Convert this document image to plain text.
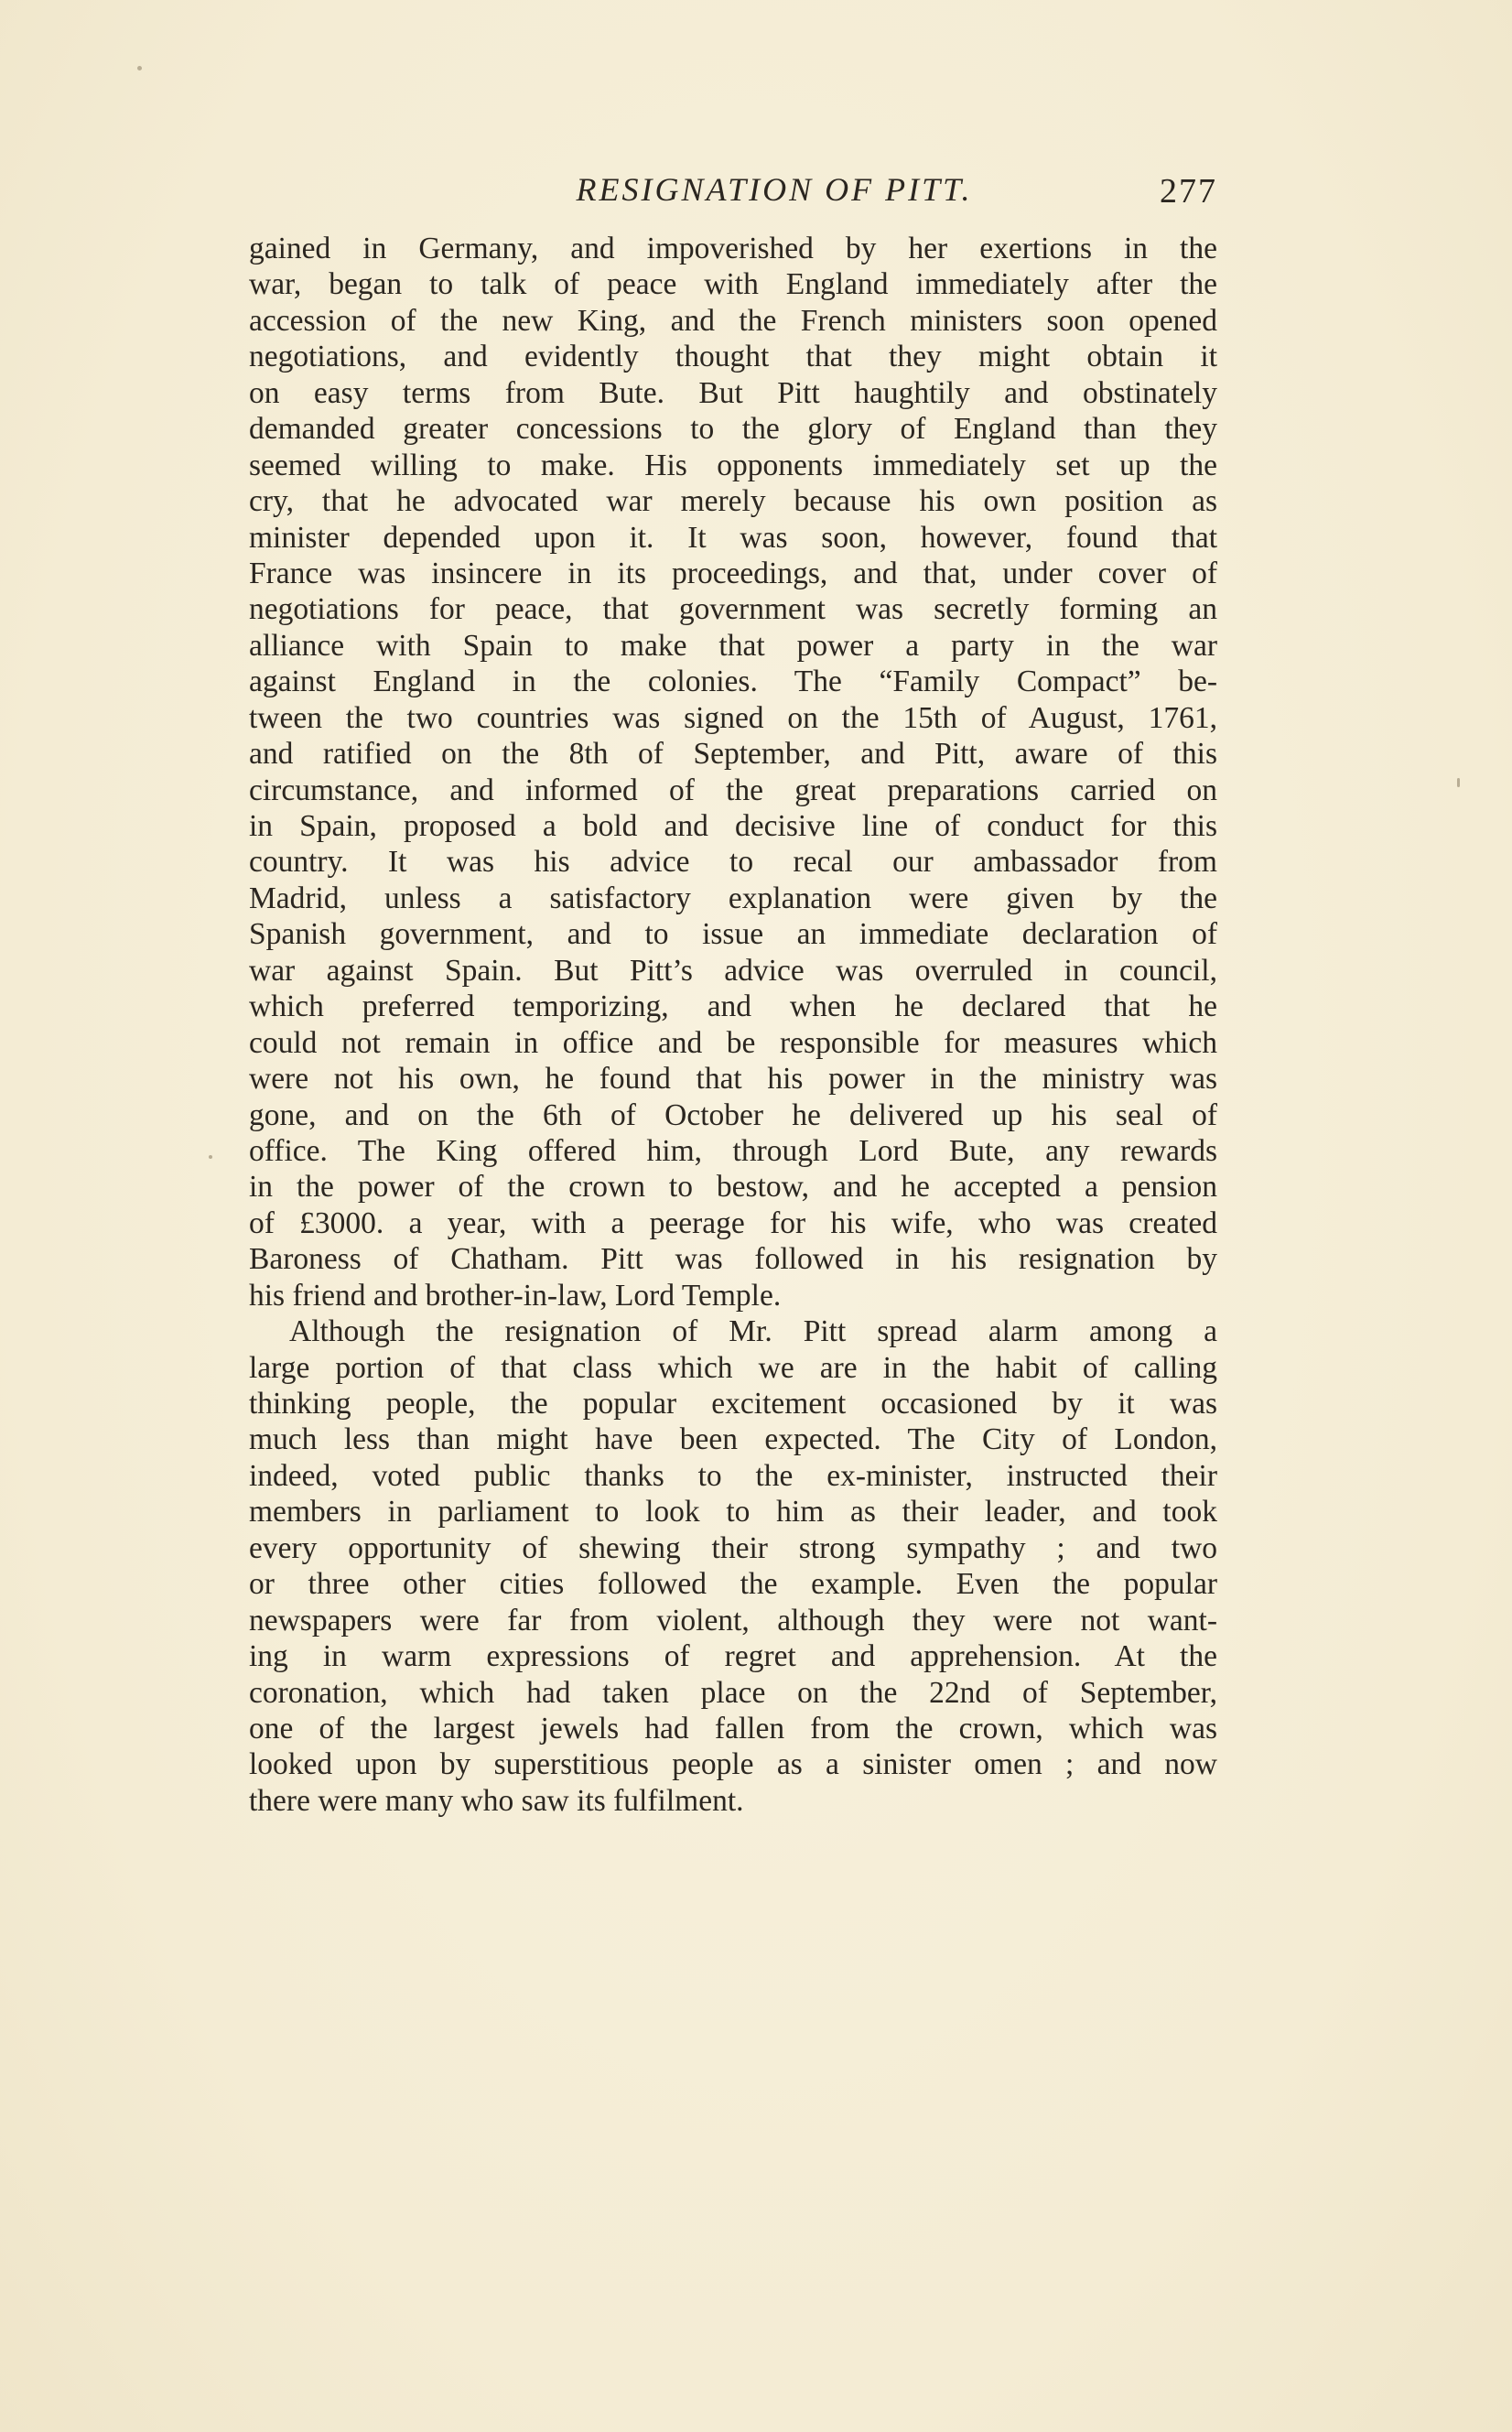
RESIGNATION OF PITT.	277
gained in Germany, and impoverished by her exertions in the
war, began to talk of peace with England immediately after the
accession of the new King, and the French ministers soon opened
negotiations, and evidently thought that they might obtain it
on easy terms from Bute. But Pitt haughtily and obstinately
demanded greater concessions to the glory of England than they
seemed willing to make. His opponents immediately set up the
cry, that he advocated war merely because his own position as
minister depended upon it. It was soon, however, found that
France was insincere in its proceedings, and that, under cover of
negotiations for peace, that government was secretly forming an
alliance with Spain to make that power a party in the war
against England in the colonies. The “Family Compact” be-
tween the two countries was signed on the 15th of August, 1761,
and ratified on the 8th of September, and Pitt, aware of this
circumstance, and informed of the great preparations carried on
in Spain, proposed a bold and decisive line of conduct for this
country. It was his advice to recal our ambassador from
Madrid, unless a satisfactory explanation were given by the
Spanish government, and to issue an immediate declaration of
war against Spain. But Pitt’s advice was overruled in council,
which preferred temporizing, and when he declared that he
could not remain in office and be responsible for measures which
were not his own, he found that his power in the ministry was
gone, and on the 6th of October he delivered up his seal of
office. The King offered him, through Lord Bute, any rewards
in the power of the crown to bestow, and he accepted a pension
of £3000. a year, with a peerage for his wife, who was created
Baroness of Chatham. Pitt was followed in his resignation by
his friend and brother-in-law, Lord Temple.
Although the resignation of Mr. Pitt spread alarm among a
large portion of that class which we are in the habit of calling
thinking people, the popular excitement occasioned by it was
much less than might have been expected. The City of London,
indeed, voted public thanks to the ex-minister, instructed their
members in parliament to look to him as their leader, and took
every opportunity of shewing their strong sympathy ; and two
or three other cities followed the example. Even the popular
newspapers were far from violent, although they were not want-
ing in warm expressions of regret and apprehension. At the
coronation, which had taken place on the 22nd of September,
one of the largest jewels had fallen from the crown, which was
looked upon by superstitious people as a sinister omen ; and now
there were many who saw its fulfilment.
